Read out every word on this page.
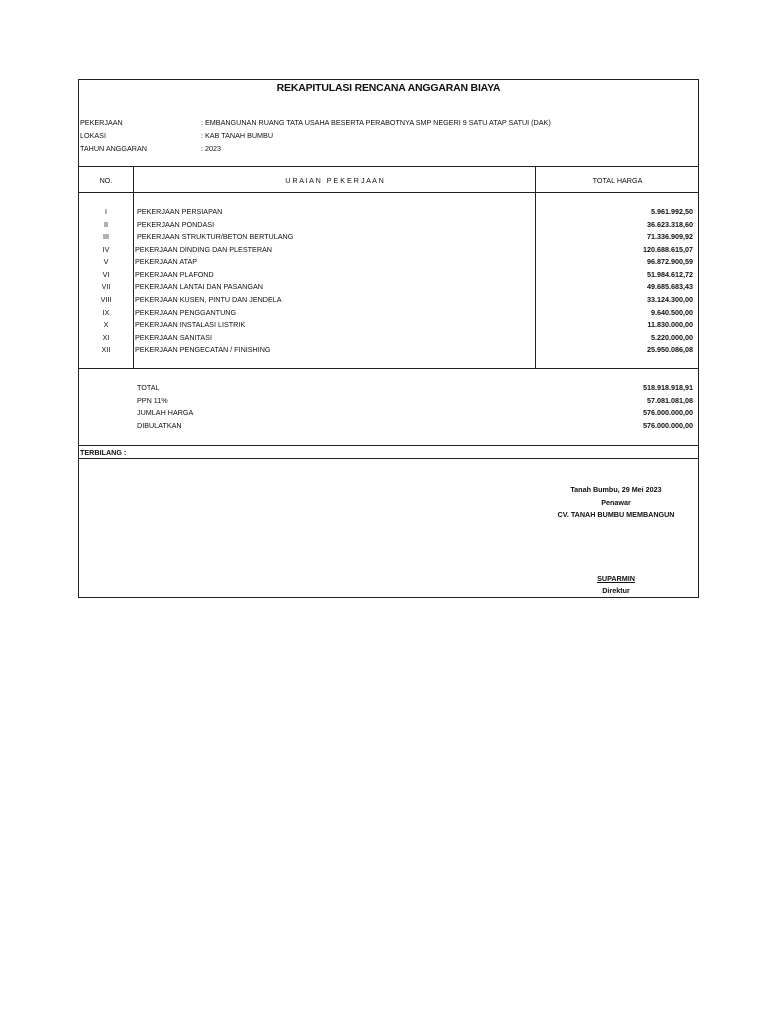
REKAPITULASI RENCANA ANGGARAN BIAYA
PEKERJAAN	: EMBANGUNAN RUANG TATA USAHA BESERTA PERABOTNYA SMP NEGERI 9 SATU ATAP SATUI (DAK)
LOKASI	: KAB TANAH BUMBU
TAHUN ANGGARAN	: 2023
NO.	U R A I A N   P E K E R J A A N	TOTAL HARGA
I	PEKERJAAN PERSIAPAN	5.961.992,50
II	PEKERJAAN PONDASI	36.623.318,60
III	PEKERJAAN STRUKTUR/BETON BERTULANG	71.336.909,92
IV	PEKERJAAN DINDING DAN PLESTERAN	120.688.615,07
V	PEKERJAAN ATAP	96.872.900,59
VI	PEKERJAAN PLAFOND	51.984.612,72
VII	PEKERJAAN LANTAI DAN PASANGAN	49.685.683,43
VIII	PEKERJAAN KUSEN, PINTU DAN JENDELA	33.124.300,00
IX	PEKERJAAN PENGGANTUNG	9.640.500,00
X	PEKERJAAN INSTALASI LISTRIK	11.830.000,00
XI	PEKERJAAN SANITASI	5.220.000,00
XII	PEKERJAAN PENGECATAN / FINISHING	25.950.086,08
TOTAL	518.918.918,91
PPN 11%	57.081.081,08
JUMLAH HARGA	576.000.000,00
DIBULATKAN	576.000.000,00
TERBILANG :
Tanah Bumbu, 29 Mei 2023
Penawar
CV. TANAH BUMBU MEMBANGUN
SUPARMIN
Direktur
